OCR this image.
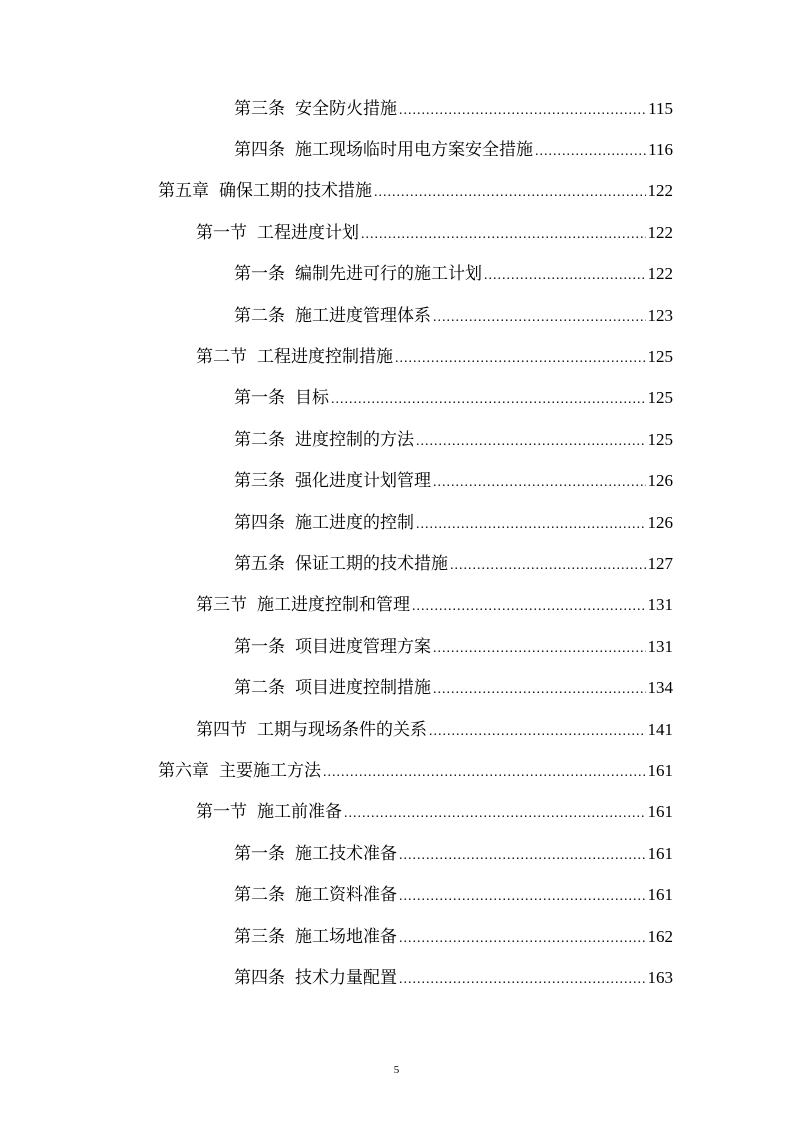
第三条 安全防火措施 .....	115
第四条 施工现场临时用电方案安全措施 .....	116
第五章 确保工期的技术措施 .....	122
第一节 工程进度计划 .....	122
第一条 编制先进可行的施工计划 .....	122
第二条 施工进度管理体系 .....	123
第二节 工程进度控制措施 .....	125
第一条 目标 .....	125
第二条 进度控制的方法 .....	125
第三条 强化进度计划管理 .....	126
第四条 施工进度的控制 .....	126
第五条 保证工期的技术措施 .....	127
第三节 施工进度控制和管理 .....	131
第一条 项目进度管理方案 .....	131
第二条 项目进度控制措施 .....	134
第四节 工期与现场条件的关系 .....	141
第六章 主要施工方法 .....	161
第一节 施工前准备 .....	161
第一条 施工技术准备 .....	161
第二条 施工资料准备 .....	161
第三条 施工场地准备 .....	162
第四条 技术力量配置 .....	163
5
